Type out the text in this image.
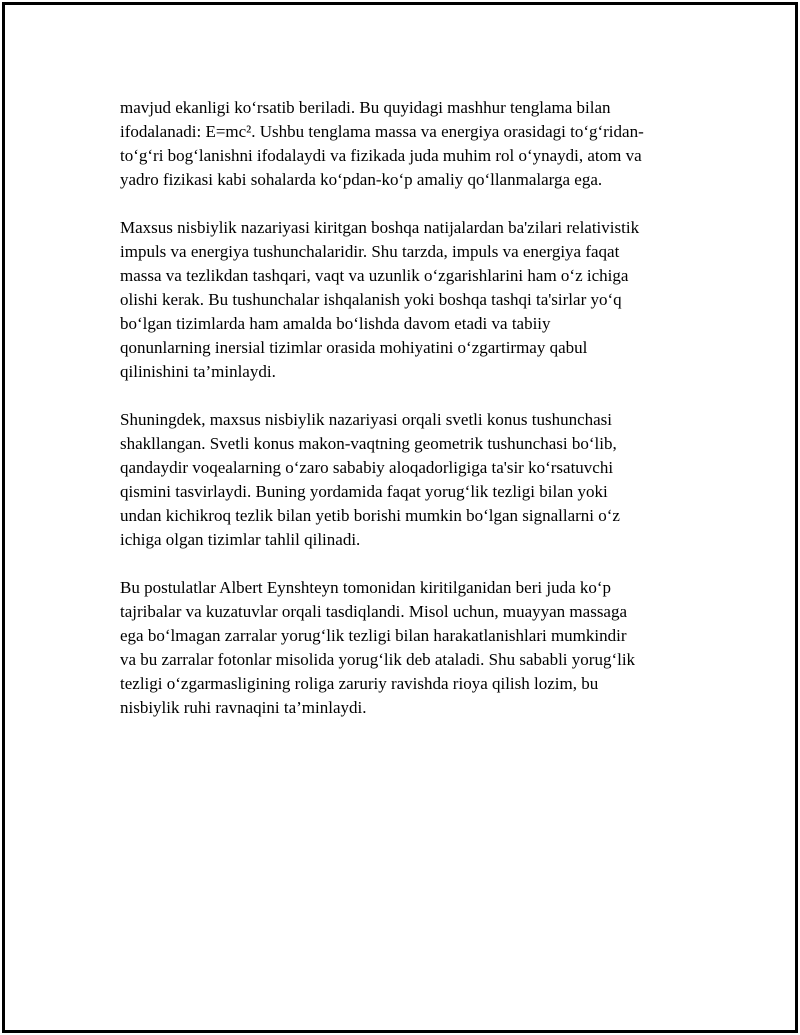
mavjud ekanligi ko‘rsatib beriladi. Bu quyidagi mashhur tenglama bilan
ifodalanadi: E=mc². Ushbu tenglama massa va energiya orasidagi to‘g‘ridan-
to‘g‘ri bog‘lanishni ifodalaydi va fizikada juda muhim rol o‘ynaydi, atom va
yadro fizikasi kabi sohalarda ko‘pdan-ko‘p amaliy qo‘llanmalarga ega.

Maxsus nisbiylik nazariyasi kiritgan boshqa natijalardan ba'zilari relativistik
impuls va energiya tushunchalaridir. Shu tarzda, impuls va energiya faqat
massa va tezlikdan tashqari, vaqt va uzunlik o‘zgarishlarini ham o‘z ichiga
olishi kerak. Bu tushunchalar ishqalanish yoki boshqa tashqi ta'sirlar yo‘q
bo‘lgan tizimlarda ham amalda bo‘lishda davom etadi va tabiiy
qonunlarning inersial tizimlar orasida mohiyatini o‘zgartirmay qabul
qilinishini ta’minlaydi.

Shuningdek, maxsus nisbiylik nazariyasi orqali svetli konus tushunchasi
shakllangan. Svetli konus makon-vaqtning geometrik tushunchasi bo‘lib,
qandaydir voqealarning o‘zaro sababiy aloqadorligiga ta'sir ko‘rsatuvchi
qismini tasvirlaydi. Buning yordamida faqat yorug‘lik tezligi bilan yoki
undan kichikroq tezlik bilan yetib borishi mumkin bo‘lgan signallarni o‘z
ichiga olgan tizimlar tahlil qilinadi.

Bu postulatlar Albert Eynshteyn tomonidan kiritilganidan beri juda ko‘p
tajribalar va kuzatuvlar orqali tasdiqlandi. Misol uchun, muayyan massaga
ega bo‘lmagan zarralar yorug‘lik tezligi bilan harakatlanishlari mumkindir
va bu zarralar fotonlar misolida yorug‘lik deb ataladi. Shu sababli yorug‘lik
tezligi o‘zgarmasligining roliga zaruriy ravishda rioya qilish lozim, bu
nisbiylik ruhi ravnaqini ta’minlaydi.
